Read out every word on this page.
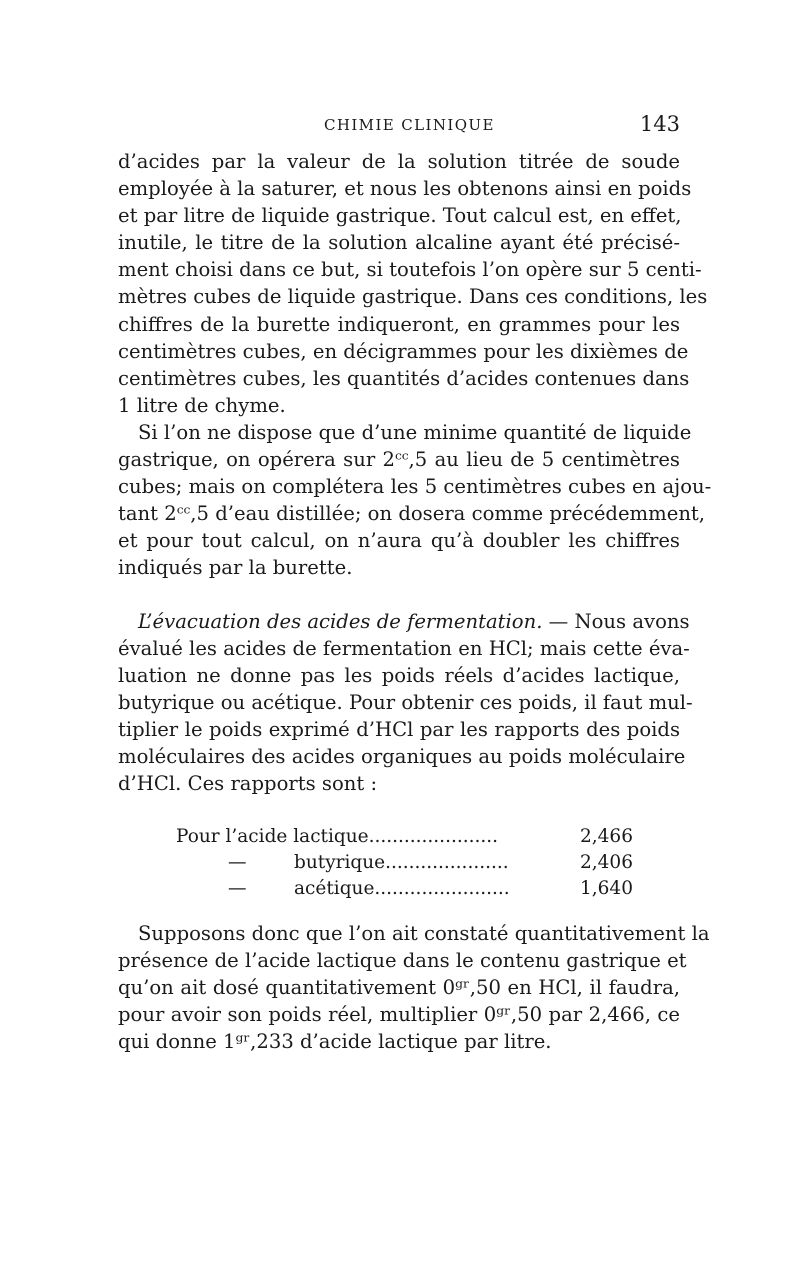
CHIMIE CLINIQUE	143
d’acides par la valeur de la solution titrée de soude
employée à la saturer, et nous les obtenons ainsi en poids
et par litre de liquide gastrique. Tout calcul est, en effet,
inutile, le titre de la solution alcaline ayant été précisé-
ment choisi dans ce but, si toutefois l’on opère sur 5 centi-
mètres cubes de liquide gastrique. Dans ces conditions, les
chiffres de la burette indiqueront, en grammes pour les
centimètres cubes, en décigrammes pour les dixièmes de
centimètres cubes, les quantités d’acides contenues dans
1 litre de chyme.
Si l’on ne dispose que d’une minime quantité de liquide
gastrique, on opérera sur 2ᶜᶜ,5 au lieu de 5 centimètres
cubes; mais on complétera les 5 centimètres cubes en ajou-
tant 2ᶜᶜ,5 d’eau distillée; on dosera comme précédemment,
et pour tout calcul, on n’aura qu’à doubler les chiffres
indiqués par la burette.
L’évacuation des acides de fermentation. — Nous avons
évalué les acides de fermentation en HCl; mais cette éva-
luation ne donne pas les poids réels d’acides lactique,
butyrique ou acétique. Pour obtenir ces poids, il faut mul-
tiplier le poids exprimé d’HCl par les rapports des poids
moléculaires des acides organiques au poids moléculaire
d’HCl. Ces rapports sont :
Pour l’acide lactique......................	2,466
—	butyrique.....................	2,406
—	acétique.......................	1,640
Supposons donc que l’on ait constaté quantitativement la
présence de l’acide lactique dans le contenu gastrique et
qu’on ait dosé quantitativement 0ᵍʳ,50 en HCl, il faudra,
pour avoir son poids réel, multiplier 0ᵍʳ,50 par 2,466, ce
qui donne 1ᵍʳ,233 d’acide lactique par litre.
